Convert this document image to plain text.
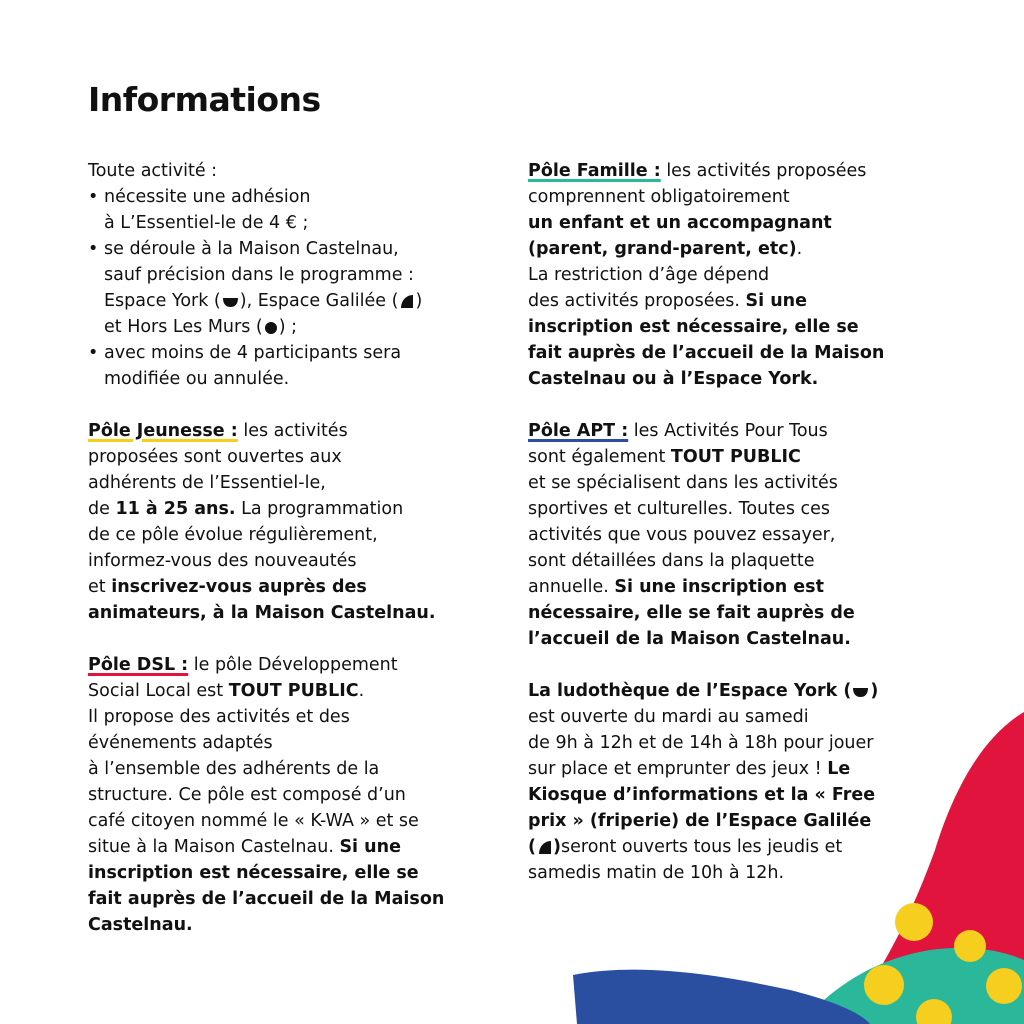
Informations
Toute activité :
• nécessite une adhésion
à L’Essentiel-le de 4 € ;
• se déroule à la Maison Castelnau,
sauf précision dans le programme :
Espace York ( ), Espace Galilée ( )
et Hors Les Murs ( ) ;
• avec moins de 4 participants sera
modifiée ou annulée.

Pôle Jeunesse : les activités
proposées sont ouvertes aux
adhérents de l’Essentiel-le,
de 11 à 25 ans. La programmation
de ce pôle évolue régulièrement,
informez-vous des nouveautés
et inscrivez-vous auprès des
animateurs, à la Maison Castelnau.

Pôle DSL : le pôle Développement
Social Local est TOUT PUBLIC.
Il propose des activités et des
événements adaptés
à l’ensemble des adhérents de la
structure. Ce pôle est composé d’un
café citoyen nommé le « K-WA » et se
situe à la Maison Castelnau. Si une
inscription est nécessaire, elle se
fait auprès de l’accueil de la Maison
Castelnau.

Pôle Famille : les activités proposées
comprennent obligatoirement
un enfant et un accompagnant
(parent, grand-parent, etc).
La restriction d’âge dépend
des activités proposées. Si une
inscription est nécessaire, elle se
fait auprès de l’accueil de la Maison
Castelnau ou à l’Espace York.

Pôle APT : les Activités Pour Tous
sont également TOUT PUBLIC
et se spécialisent dans les activités
sportives et culturelles. Toutes ces
activités que vous pouvez essayer,
sont détaillées dans la plaquette
annuelle. Si une inscription est
nécessaire, elle se fait auprès de
l’accueil de la Maison Castelnau.

La ludothèque de l’Espace York ( )
est ouverte du mardi au samedi
de 9h à 12h et de 14h à 18h pour jouer
sur place et emprunter des jeux ! Le
Kiosque d’informations et la « Free
prix » (friperie) de l’Espace Galilée
( )seront ouverts tous les jeudis et
samedis matin de 10h à 12h.
